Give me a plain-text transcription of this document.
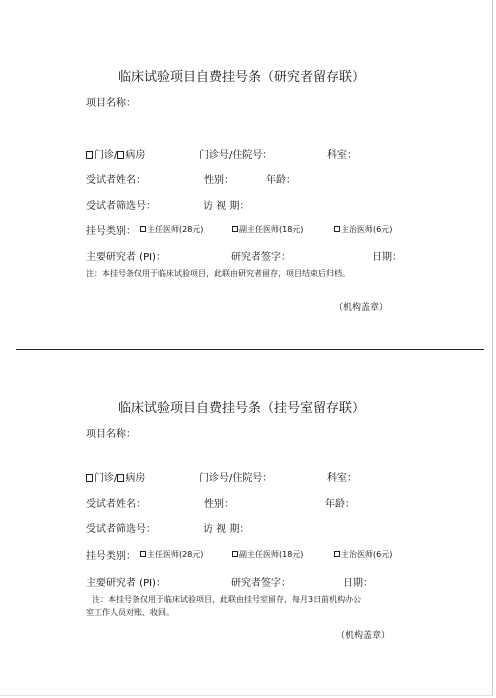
临床试验项目自费挂号条（研究者留存联）
项目名称：
门诊/ 病房	门诊号/住院号：	科室：
受试者姓名：	性别：	年龄：
受试者筛选号：	访 视 期：
挂号类别：	主任医师(28元)	副主任医师(18元)	主治医师(6元)
主要研究者 (PI)：	研究者签字：	日期：
注：本挂号条仅用于临床试验项目，此联由研究者留存，项目结束后归档。
（机构盖章）
临床试验项目自费挂号条（挂号室留存联）
项目名称：
门诊/ 病房	门诊号/住院号：	科室：
受试者姓名：	性别：	年龄：
受试者筛选号：	访 视 期：
挂号类别：	主任医师(28元)	副主任医师(18元)	主治医师(6元)
主要研究者 (PI)：	研究者签字：	日期：
注：本挂号条仅用于临床试验项目，此联由挂号室留存，每月3日前机构办公
室工作人员对账、收回。
（机构盖章）
